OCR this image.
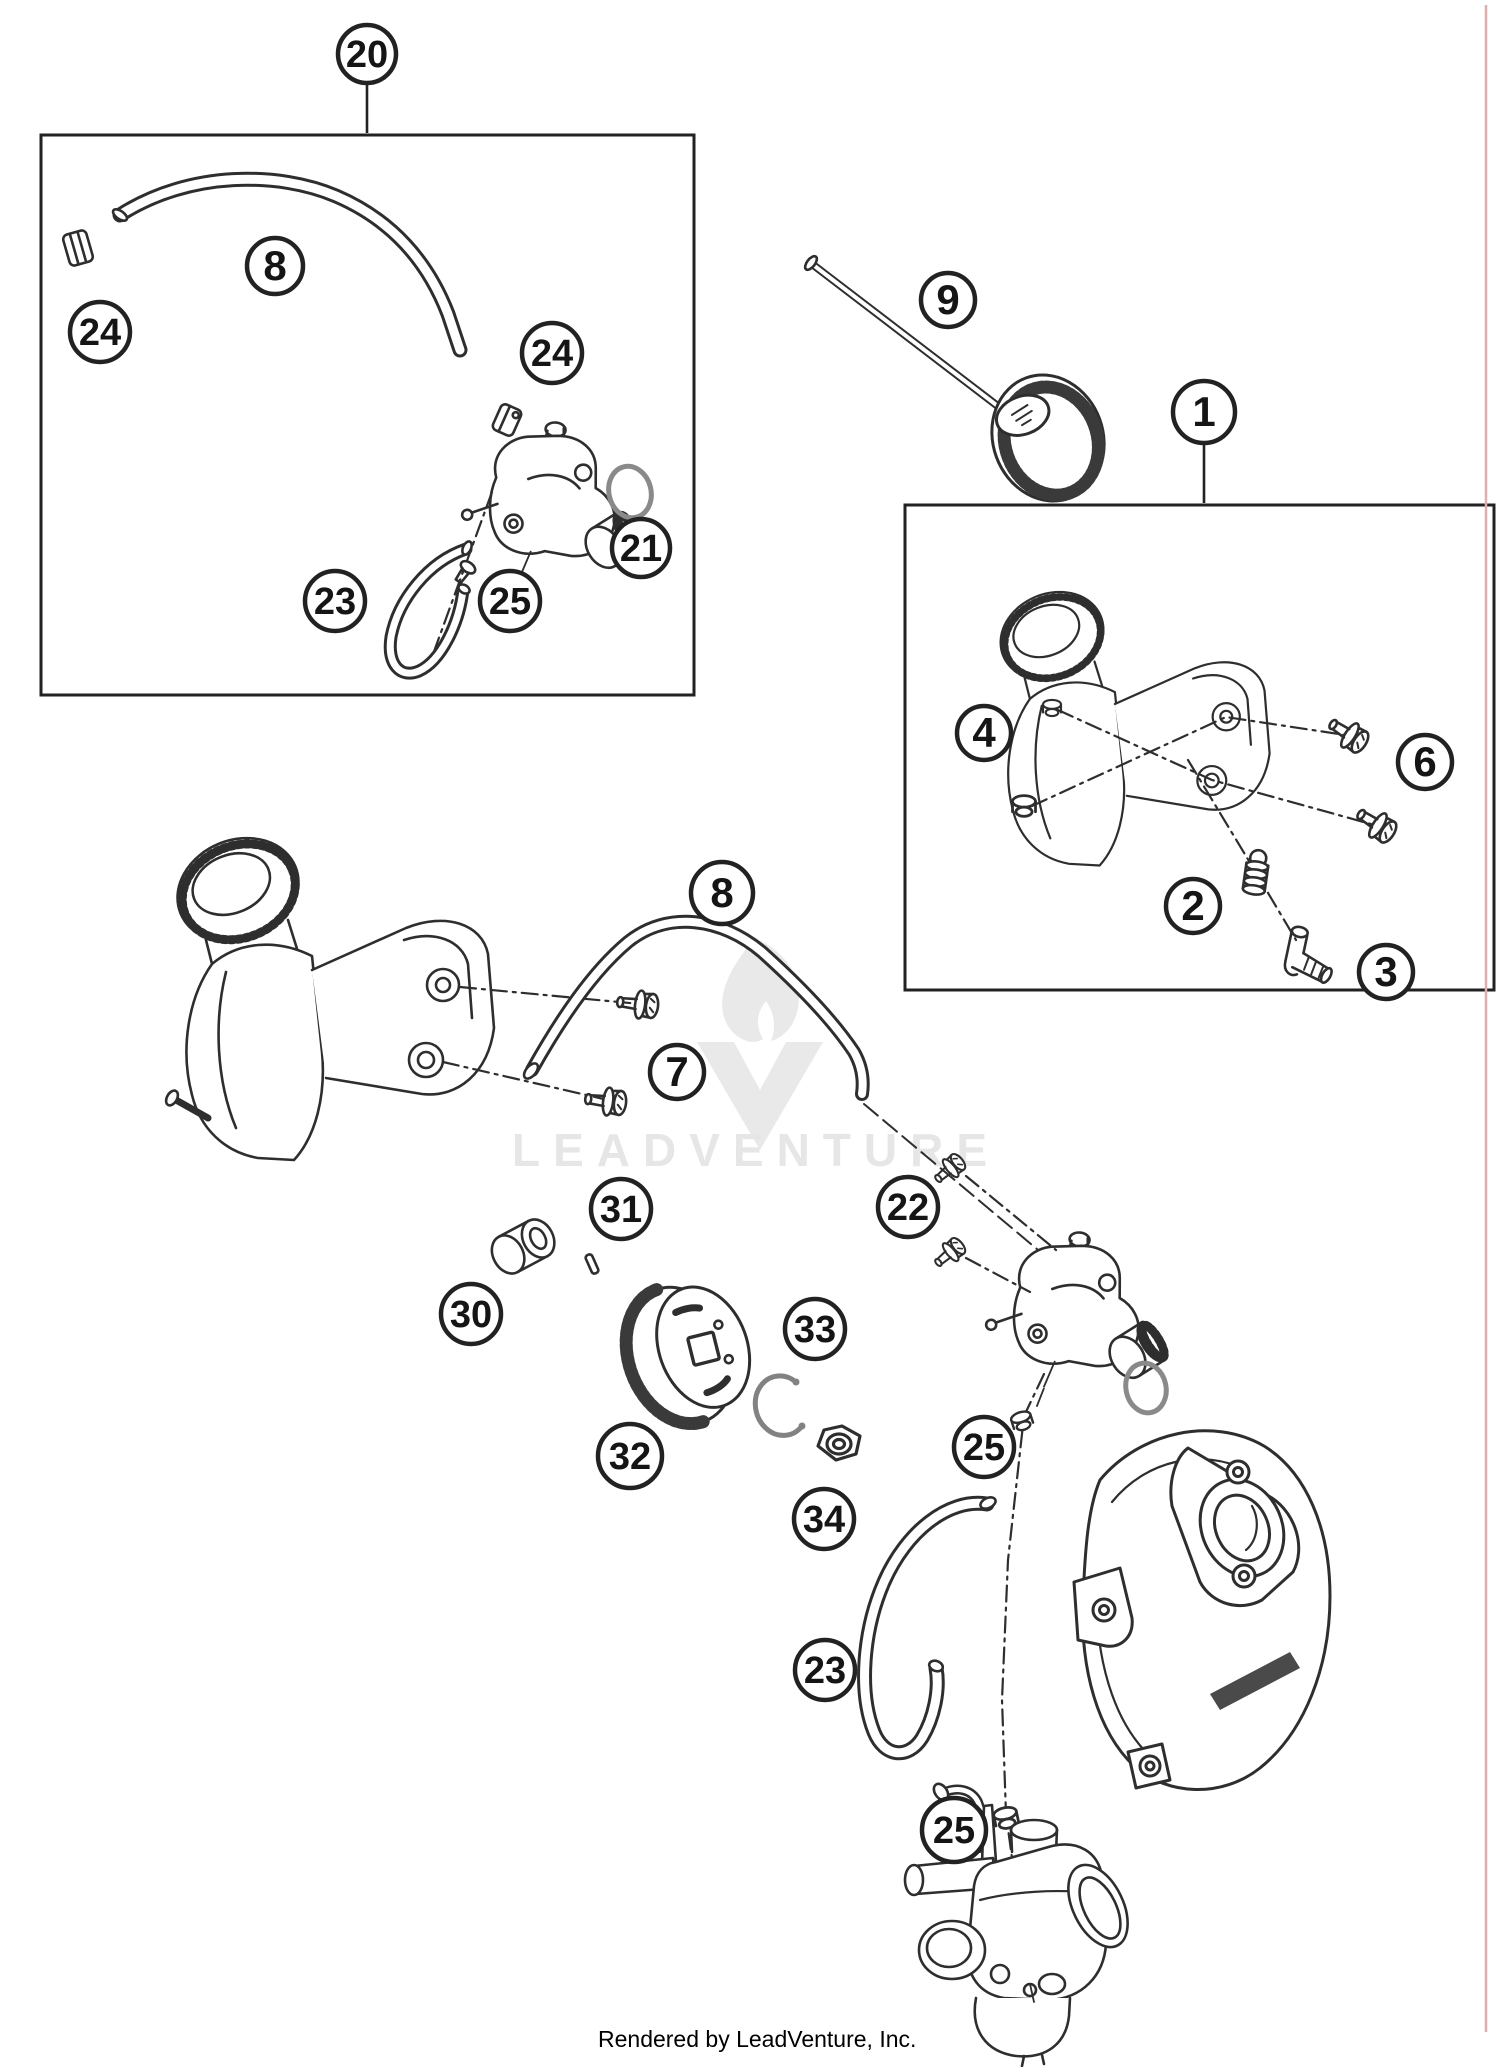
LEADVENTURE
20
8
24	24
21
23	25
9
1
4
6
2
3
8
7
22
31
30	33
32	25
34
23
25
Rendered by LeadVenture, Inc.
